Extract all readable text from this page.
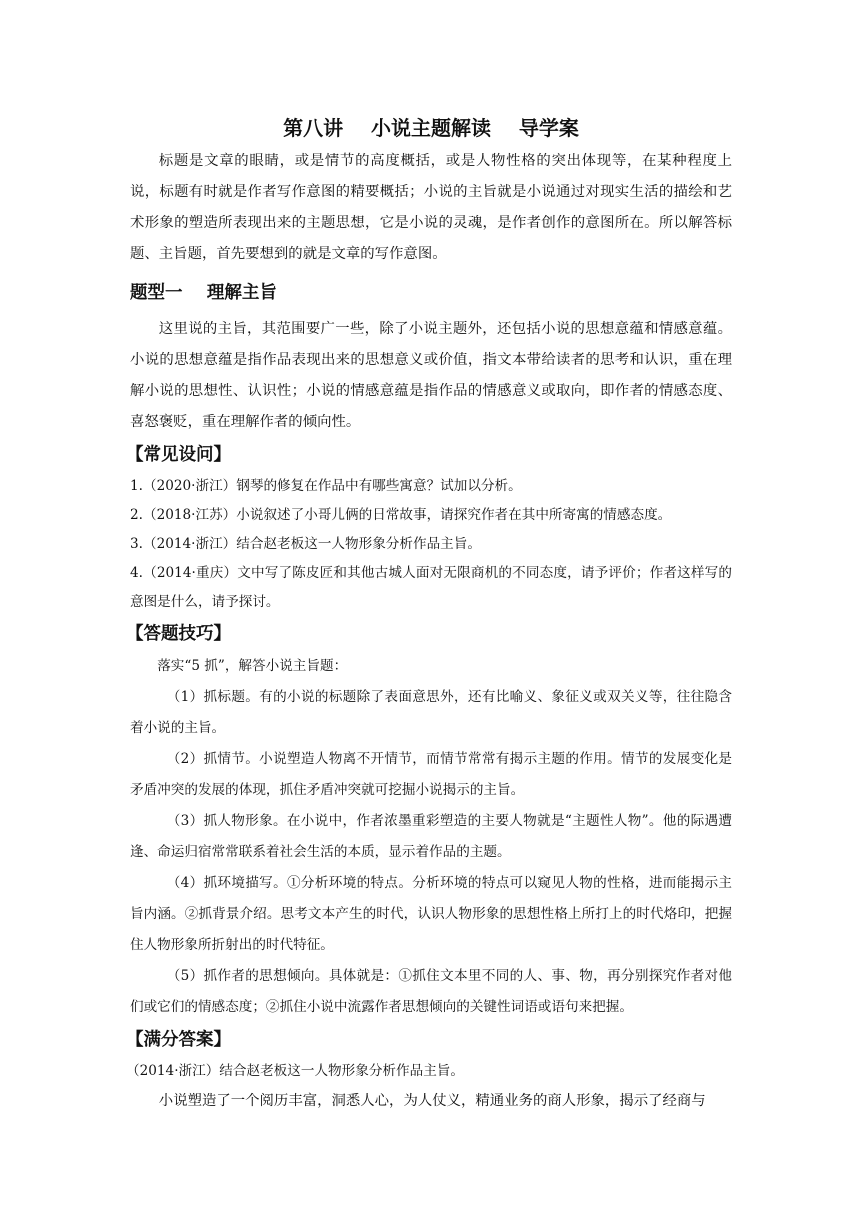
第八讲    小说主题解读    导学案

标题是文章的眼睛，或是情节的高度概括，或是人物性格的突出体现等，在某种程度上说，标题有时就是作者写作意图的精要概括；小说的主旨就是小说通过对现实生活的描绘和艺术形象的塑造所表现出来的主题思想，它是小说的灵魂，是作者创作的意图所在。所以解答标题、主旨题，首先要想到的就是文章的写作意图。

题型一    理解主旨

这里说的主旨，其范围要广一些，除了小说主题外，还包括小说的思想意蕴和情感意蕴。小说的思想意蕴是指作品表现出来的思想意义或价值，指文本带给读者的思考和认识，重在理解小说的思想性、认识性；小说的情感意蕴是指作品的情感意义或取向，即作者的情感态度、喜怒褒贬，重在理解作者的倾向性。

【常见设问】

1.（2020·浙江）钢琴的修复在作品中有哪些寓意？试加以分析。

2.（2018·江苏）小说叙述了小哥儿俩的日常故事，请探究作者在其中所寄寓的情感态度。

3.（2014·浙江）结合赵老板这一人物形象分析作品主旨。

4.（2014·重庆）文中写了陈皮匠和其他古城人面对无限商机的不同态度，请予评价；作者这样写的意图是什么，请予探讨。

【答题技巧】

落实“5 抓”，解答小说主旨题：

（1）抓标题。有的小说的标题除了表面意思外，还有比喻义、象征义或双关义等，往往隐含着小说的主旨。

（2）抓情节。小说塑造人物离不开情节，而情节常常有揭示主题的作用。情节的发展变化是矛盾冲突的发展的体现，抓住矛盾冲突就可挖掘小说揭示的主旨。

（3）抓人物形象。在小说中，作者浓墨重彩塑造的主要人物就是“主题性人物”。他的际遇遭逢、命运归宿常常联系着社会生活的本质，显示着作品的主题。

（4）抓环境描写。①分析环境的特点。分析环境的特点可以窥见人物的性格，进而能揭示主旨内涵。②抓背景介绍。思考文本产生的时代，认识人物形象的思想性格上所打上的时代烙印，把握住人物形象所折射出的时代特征。

（5）抓作者的思想倾向。具体就是：①抓住文本里不同的人、事、物，再分别探究作者对他们或它们的情感态度；②抓住小说中流露作者思想倾向的关键性词语或语句来把握。

【满分答案】

（2014·浙江）结合赵老板这一人物形象分析作品主旨。

小说塑造了一个阅历丰富，洞悉人心，为人仗义，精通业务的商人形象，揭示了经商与
